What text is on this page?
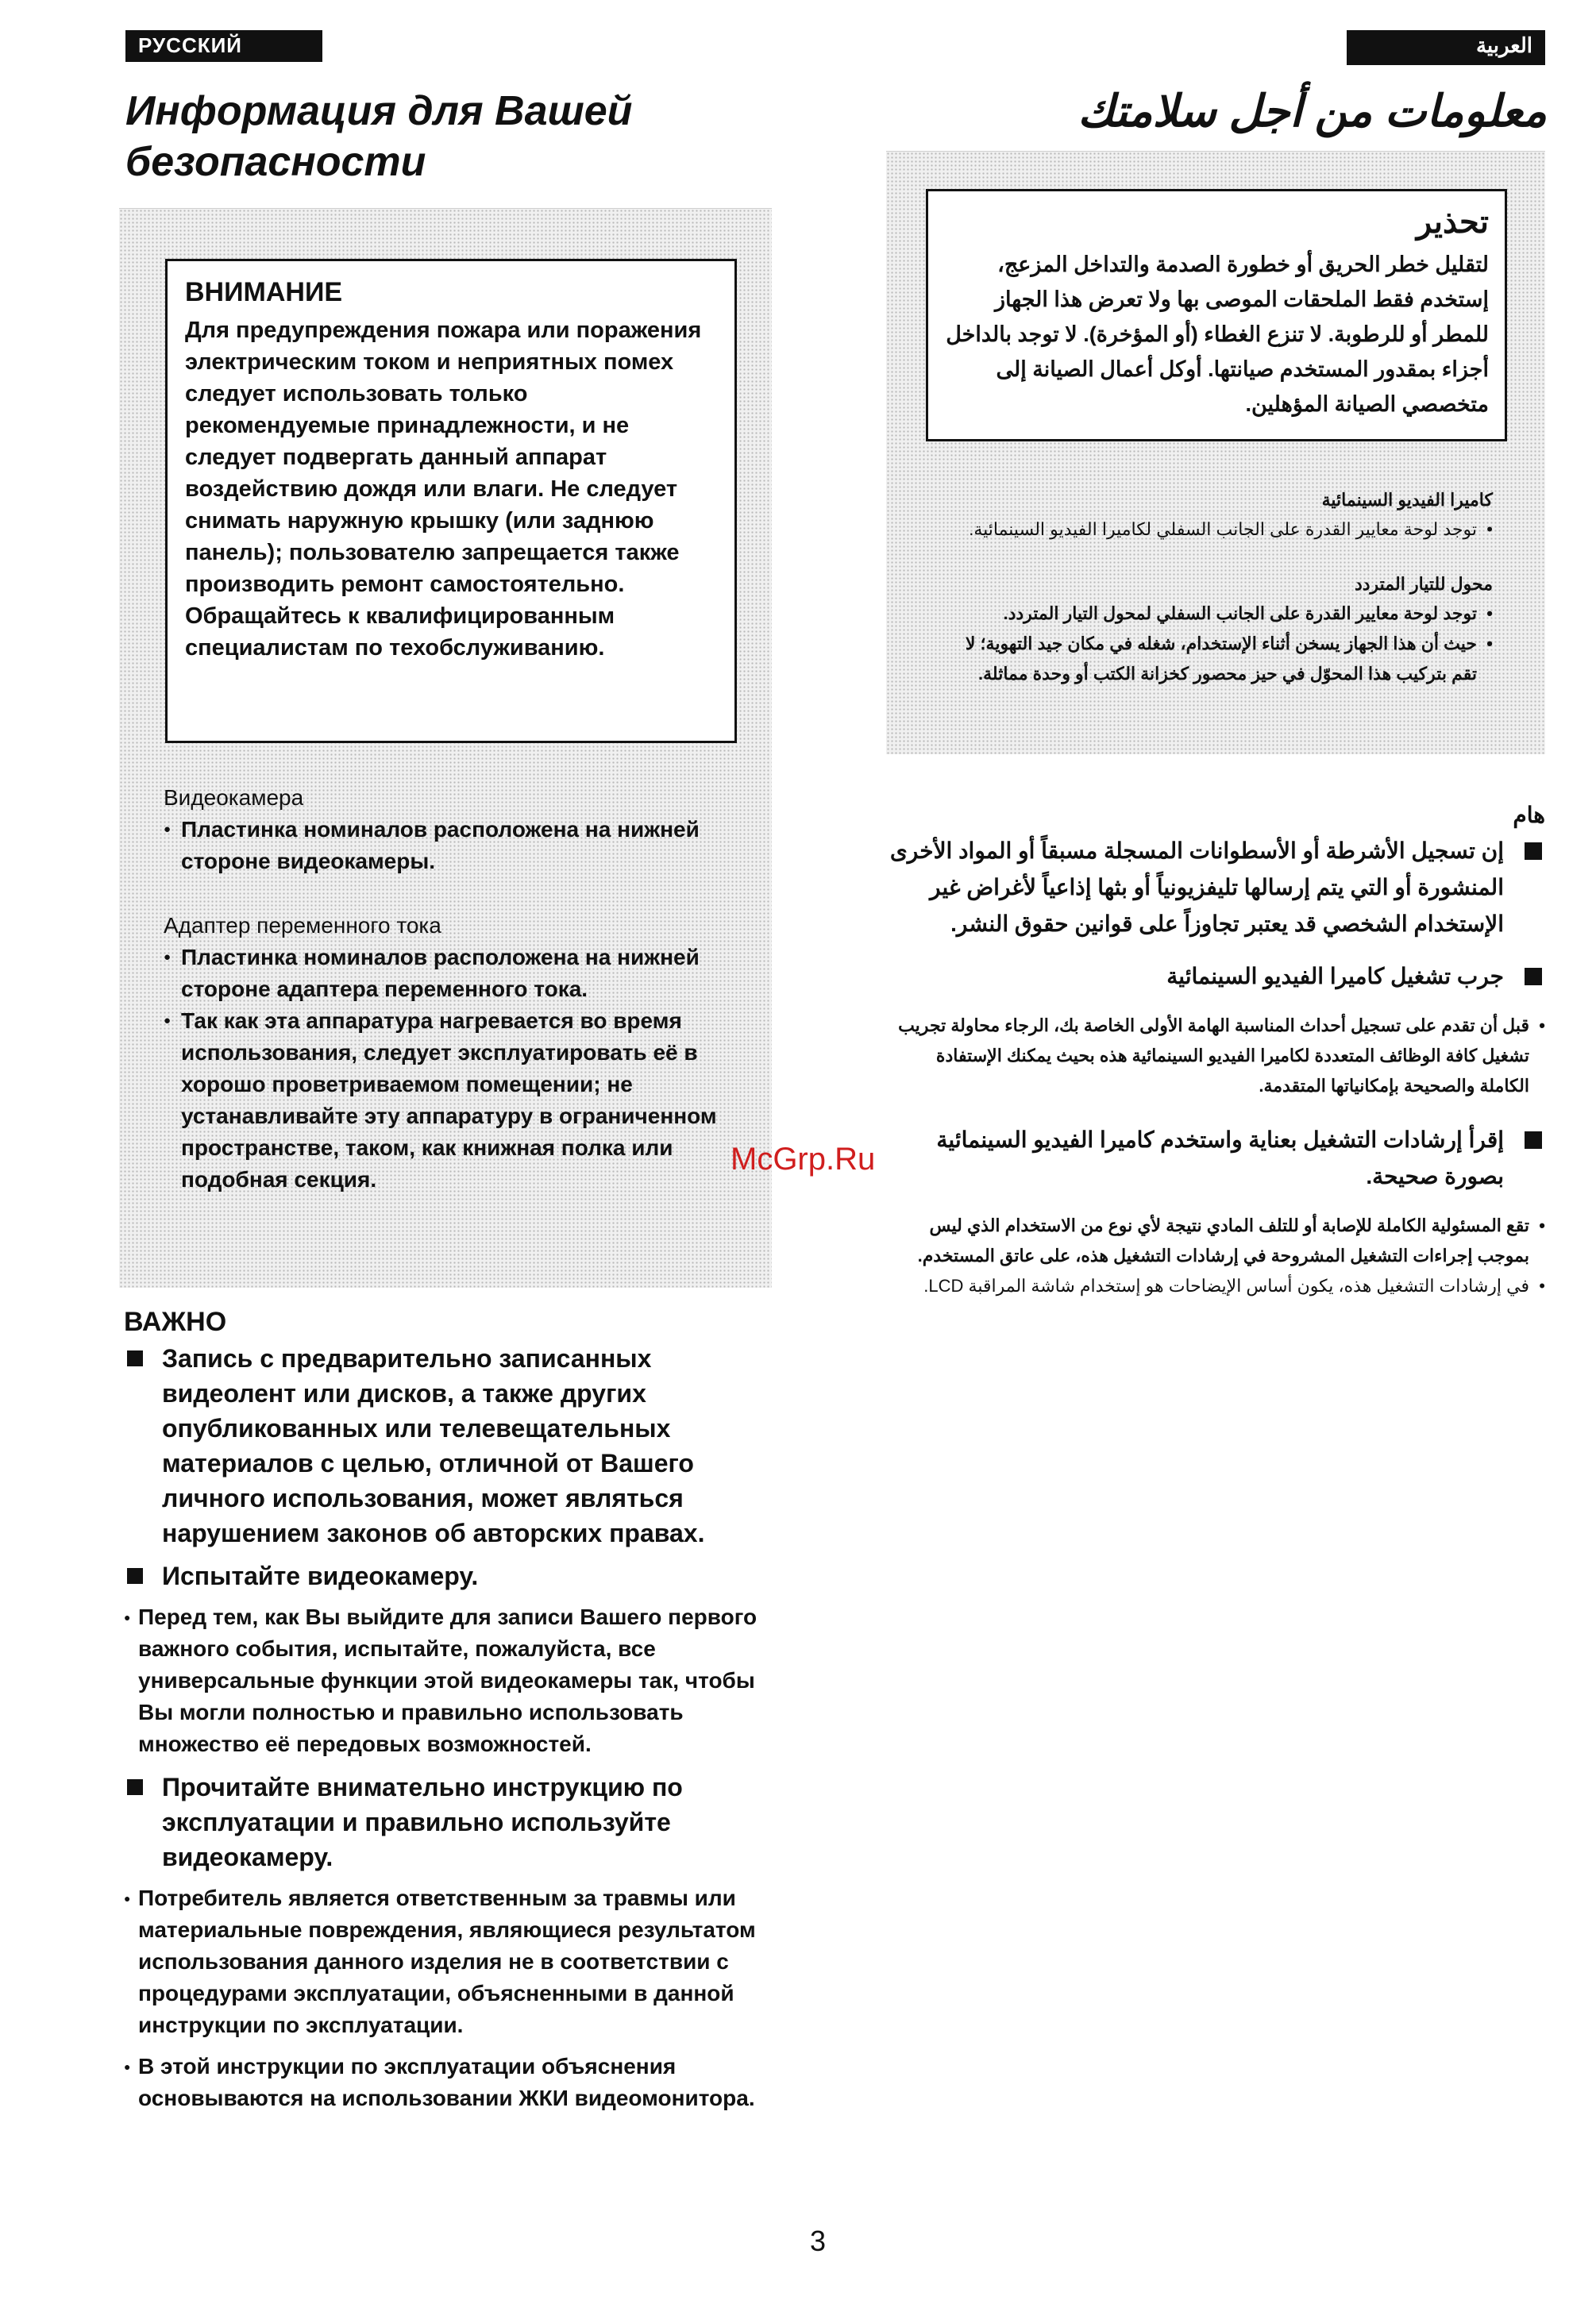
РУССКИЙ ЯЗЫК
العربية
Информация для Вашей безопасности
معلومات من أجل سلامتك
ВНИМАНИЕ
Для предупреждения пожара или поражения электрическим током и неприятных помех следует использовать только рекомендуемые принадлежности, и не следует подвергать данный аппарат воздействию дождя или влаги. Не следует снимать наружную крышку (или заднюю панель); пользователю запрещается также производить ремонт самостоятельно. Обращайтесь к квалифицированным специалистам по техобслуживанию.
Видеокамера
● Пластинка номиналов расположена на нижней стороне видеокамеры.
Адаптер переменного тока
● Пластинка номиналов расположена на нижней стороне адаптера переменного тока.
● Так как эта аппаратура нагревается во время использования, следует эксплуатировать её в хорошо проветриваемом помещении; не устанавливайте эту аппаратуру в ограниченном пространстве, таком, как книжная полка или подобная секция.
ВАЖНО
Запись с предварительно записанных видеолент или дисков, а также других опубликованных или телевещательных материалов с целью, отличной от Вашего личного использования, может являться нарушением законов об авторских правах.
Испытайте видеокамеру.
● Перед тем, как Вы выйдите для записи Вашего первого важного события, испытайте, пожалуйста, все универсальные функции этой видеокамеры так, чтобы Вы могли полностью и правильно использовать множество её передовых возможностей.
Прочитайте внимательно инструкцию по эксплуатации и правильно используйте видеокамеру.
● Потребитель является ответственным за травмы или материальные повреждения, являющиеся результатом использования данного изделия не в соответствии с процедурами эксплуатации, объясненными в данной инструкции по эксплуатации.
● В этой инструкции по эксплуатации объяснения основываются на использовании ЖКИ видеомонитора.
تحذير
لتقليل خطر الحريق أو خطورة الصدمة والتداخل المزعج، إستخدم فقط الملحقات الموصى بها ولا تعرض هذا الجهاز للمطر أو للرطوبة. لا تنزع الغطاء (أو المؤخرة). لا توجد بالداخل أجزاء بمقدور المستخدم صيانتها. أوكل أعمال الصيانة إلى متخصصي الصيانة المؤهلين.
كاميرا الفيديو السينمائية
• توجد لوحة معايير القدرة على الجانب السفلي لكاميرا الفيديو السينمائية.
محول للتيار المتردد
• توجد لوحة معايير القدرة على الجانب السفلي لمحول التيار المتردد.
• حيث أن هذا الجهاز يسخن أثناء الإستخدام، شغله في مكان جيد التهوية؛ لا تقم بتركيب هذا المحوّل في حيز محصور كخزانة الكتب أو وحدة مماثلة.
هام
إن تسجيل الأشرطة أو الأسطوانات المسجلة مسبقاً أو المواد الأخرى المنشورة أو التي يتم إرسالها تليفزيونياً أو بثها إذاعياً لأغراض غير الإستخدام الشخصي قد يعتبر تجاوزاً على قوانين حقوق النشر.
جرب تشغيل كاميرا الفيديو السينمائية
• قبل أن تقدم على تسجيل أحداث المناسبة الهامة الأولى الخاصة بك، الرجاء محاولة تجريب تشغيل كافة الوظائف المتعددة لكاميرا الفيديو السينمائية هذه بحيث يمكنك الإستفادة الكاملة والصحيحة بإمكانياتها المتقدمة.
إقرأ إرشادات التشغيل بعناية واستخدم كاميرا الفيديو السينمائية بصورة صحيحة.
• تقع المسئولية الكاملة للإصابة أو للتلف المادي نتيجة لأي نوع من الاستخدام الذي ليس بموجب إجراءات التشغيل المشروحة في إرشادات التشغيل هذه، على عاتق المستخدم.
• في إرشادات التشغيل هذه، يكون أساس الإيضاحات هو إستخدام شاشة المراقبة LCD.
McGrp.Ru
3
